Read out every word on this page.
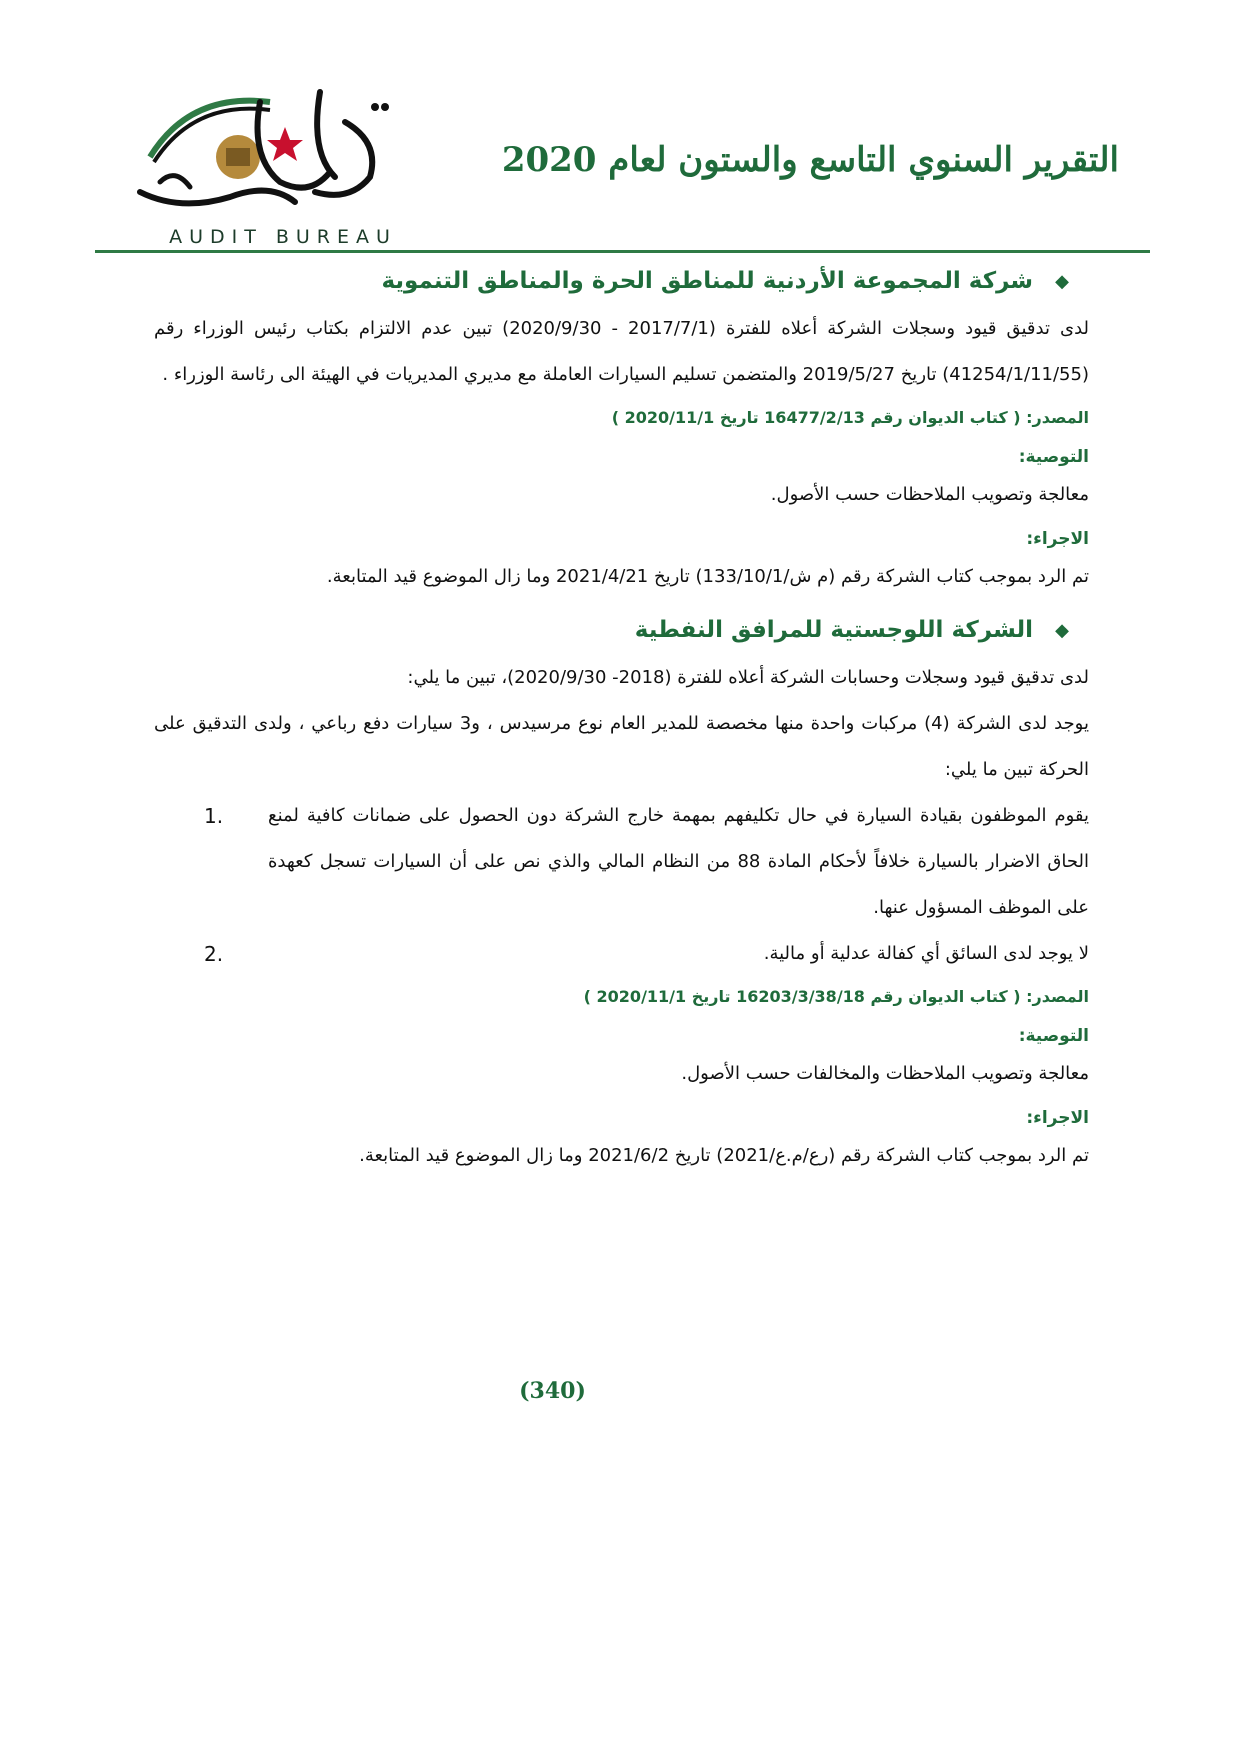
AUDIT BUREAU
التقرير السنوي التاسع والستون لعام 2020
◆
شركة المجموعة الأردنية للمناطق الحرة والمناطق التنموية

لدى تدقيق قيود وسجلات الشركة أعلاه للفترة (2017/7/1 - 2020/9/30) تبين عدم الالتزام بكتاب رئيس الوزراء رقم (41254/1/11/55) تاريخ 2019/5/27 والمتضمن تسليم السيارات العاملة مع مديري المديريات في الهيئة الى رئاسة الوزراء .

المصدر: ( كتاب الديوان رقم 16477/2/13 تاريخ 2020/11/1 )
التوصية:
معالجة وتصويب الملاحظات حسب الأصول.
الاجراء:
تم الرد بموجب كتاب الشركة رقم (م ش/133/10/1) تاريخ 2021/4/21 وما زال الموضوع قيد المتابعة.
◆
الشركة اللوجستية للمرافق النفطية

لدى تدقيق قيود وسجلات وحسابات الشركة أعلاه للفترة (2018- 2020/9/30)، تبين ما يلي:

يوجد لدى الشركة (4) مركبات واحدة منها مخصصة للمدير العام نوع مرسيدس ، و3 سيارات دفع رباعي ، ولدى التدقيق على الحركة تبين ما يلي:

يقوم الموظفون بقيادة السيارة في حال تكليفهم بمهمة خارج الشركة دون الحصول على ضمانات كافية لمنع الحاق الاضرار بالسيارة خلافاً لأحكام المادة 88 من النظام المالي والذي نص على أن السيارات تسجل كعهدة على الموظف المسؤول عنها.
.1
لا يوجد لدى السائق أي كفالة عدلية أو مالية.
.2
المصدر: ( كتاب الديوان رقم 16203/3/38/18 تاريخ 2020/11/1 )
التوصية:
معالجة وتصويب الملاحظات والمخالفات حسب الأصول.
الاجراء:
تم الرد بموجب كتاب الشركة رقم (رع/م.ع/2021) تاريخ 2021/6/2 وما زال الموضوع قيد المتابعة.
(340)
